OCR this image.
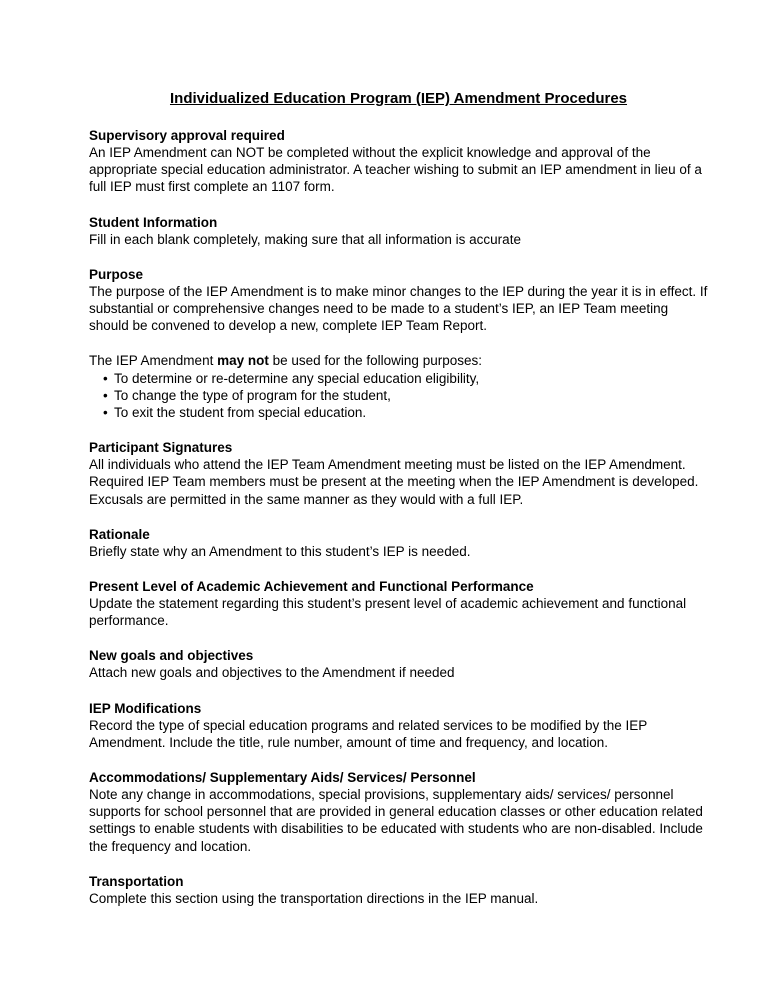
Individualized Education Program (IEP) Amendment Procedures

Supervisory approval required

An IEP Amendment can NOT be completed without the explicit knowledge and approval of the appropriate special education administrator. A teacher wishing to submit an IEP amendment in lieu of a full IEP must first complete an 1107 form.

Student Information

Fill in each blank completely, making sure that all information is accurate

Purpose

The purpose of the IEP Amendment is to make minor changes to the IEP during the year it is in effect. If substantial or comprehensive changes need to be made to a student’s IEP, an IEP Team meeting should be convened to develop a new, complete IEP Team Report.

The IEP Amendment may not be used for the following purposes:

• To determine or re-determine any special education eligibility,
• To change the type of program for the student,
• To exit the student from special education.

Participant Signatures

All individuals who attend the IEP Team Amendment meeting must be listed on the IEP Amendment. Required IEP Team members must be present at the meeting when the IEP Amendment is developed. Excusals are permitted in the same manner as they would with a full IEP.

Rationale

Briefly state why an Amendment to this student’s IEP is needed.

Present Level of Academic Achievement and Functional Performance

Update the statement regarding this student’s present level of academic achievement and functional performance.

New goals and objectives

Attach new goals and objectives to the Amendment if needed

IEP Modifications

Record the type of special education programs and related services to be modified by the IEP Amendment. Include the title, rule number, amount of time and frequency, and location.

Accommodations/ Supplementary Aids/ Services/ Personnel

Note any change in accommodations, special provisions, supplementary aids/ services/ personnel supports for school personnel that are provided in general education classes or other education related settings to enable students with disabilities to be educated with students who are non-disabled. Include the frequency and location.

Transportation

Complete this section using the transportation directions in the IEP manual.
